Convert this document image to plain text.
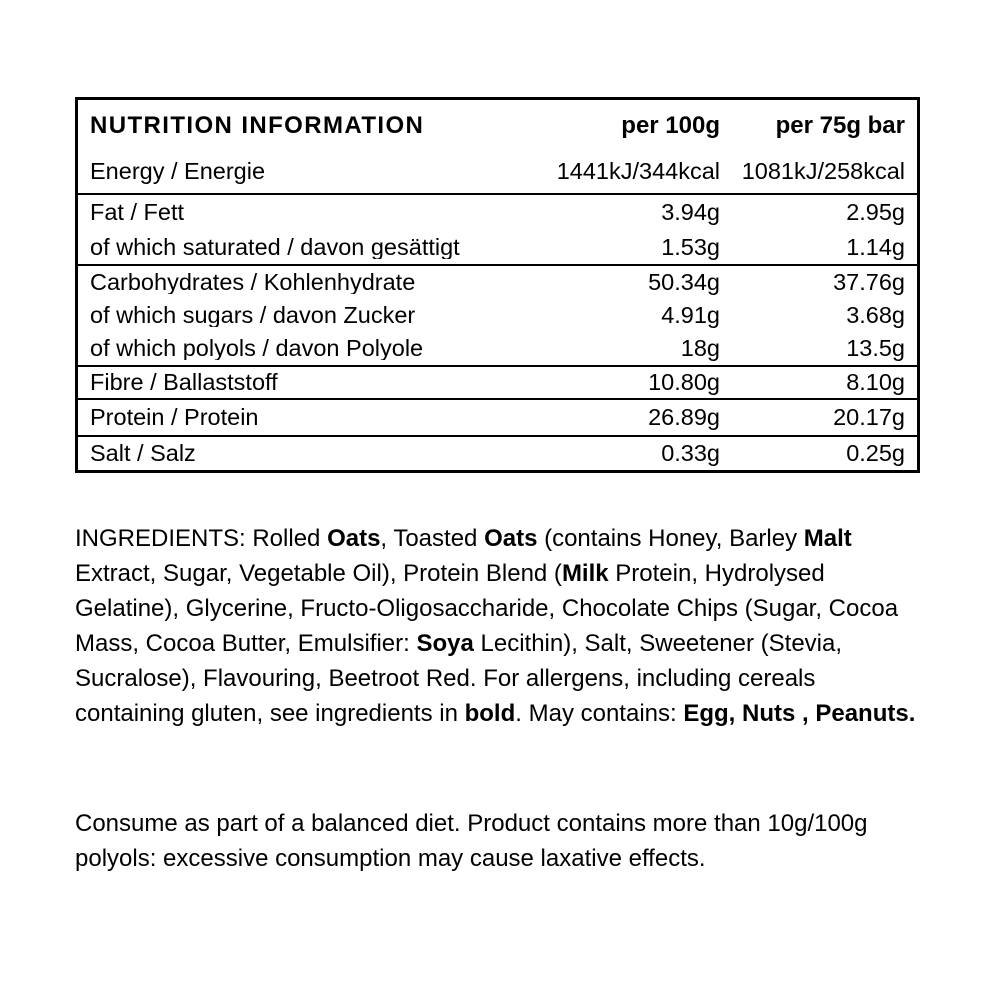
NUTRITION INFORMATION	per 100g	per 75g bar
Energy / Energie	1441kJ/344kcal 1081kJ/258kcal
Fat / Fett	3.94g	2.95g
of which saturated / davon gesättigt	1.53g	1.14g
Carbohydrates / Kohlenhydrate	50.34g	37.76g
of which sugars / davon Zucker	4.91g	3.68g
of which polyols / davon Polyole	18g	13.5g
Fibre / Ballaststoff	10.80g	8.10g
Protein / Protein	26.89g	20.17g
Salt / Salz	0.33g	0.25g

INGREDIENTS: Rolled Oats, Toasted Oats (contains Honey, Barley Malt Extract, Sugar, Vegetable Oil), Protein Blend (Milk Protein, Hydrolysed Gelatine), Glycerine, Fructo-Oligosaccharide, Chocolate Chips (Sugar, Cocoa Mass, Cocoa Butter, Emulsifier: Soya Lecithin), Salt, Sweetener (Stevia, Sucralose), Flavouring, Beetroot Red. For allergens, including cereals containing gluten, see ingredients in bold. May contains: Egg, Nuts , Peanuts.

Consume as part of a balanced diet. Product contains more than 10g/100g polyols: excessive consumption may cause laxative effects.
